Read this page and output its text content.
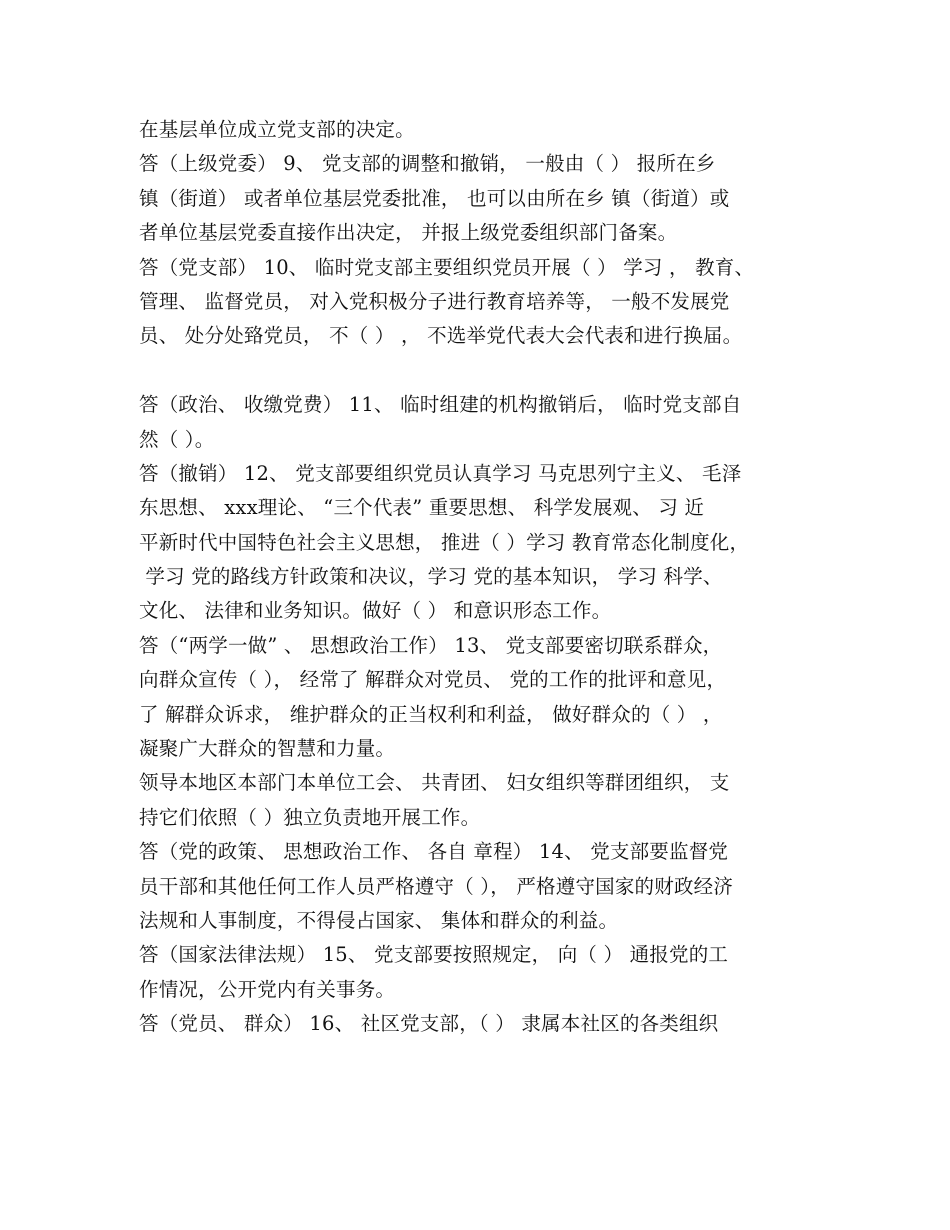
在基层单位成立党支部的决定。
答（上级党委） 9、 党支部的调整和撤销， 一般由（ ） 报所在乡
镇（街道） 或者单位基层党委批准， 也可以由所在乡 镇（街道）或
者单位基层党委直接作出决定， 并报上级党委组织部门备案。
答（党支部） 10、 临时党支部主要组织党员开展（ ） 学习 ， 教育、
管理、 监督党员， 对入党积极分子进行教育培养等， 一般不发展党
员、 处分处臵党员， 不（ ） ， 不选举党代表大会代表和进行换届。
答（政治、 收缴党费） 11、 临时组建的机构撤销后， 临时党支部自
然（ ）。
答（撤销） 12、 党支部要组织党员认真学习 马克思列宁主义、 毛泽
东思想、 xxx理论、 “三个代表” 重要思想、 科学发展观、 习 近
平新时代中国特色社会主义思想， 推进（ ）学习 教育常态化制度化，
学习 党的路线方针政策和决议，学习 党的基本知识， 学习 科学、
文化、 法律和业务知识。做好（ ） 和意识形态工作。
答（“两学一做” 、 思想政治工作） 13、 党支部要密切联系群众，
向群众宣传（ ）， 经常了 解群众对党员、 党的工作的批评和意见，
了 解群众诉求， 维护群众的正当权利和利益， 做好群众的（ ） ，
凝聚广大群众的智慧和力量。
领导本地区本部门本单位工会、 共青团、 妇女组织等群团组织， 支
持它们依照（ ）独立负责地开展工作。
答（党的政策、 思想政治工作、 各自 章程） 14、 党支部要监督党
员干部和其他任何工作人员严格遵守（ ）， 严格遵守国家的财政经济
法规和人事制度，不得侵占国家、 集体和群众的利益。
答（国家法律法规） 15、 党支部要按照规定， 向（ ） 通报党的工
作情况，公开党内有关事务。
答（党员、 群众） 16、 社区党支部，（ ） 隶属本社区的各类组织
